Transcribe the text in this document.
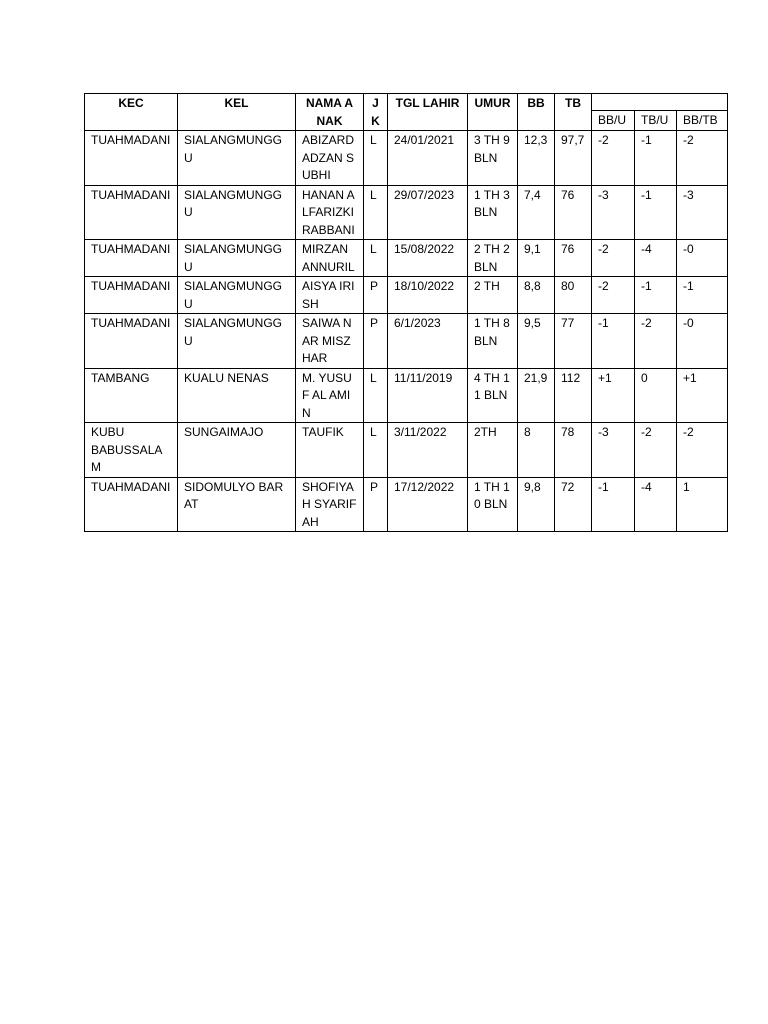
KEC	KEL	NAMA ANAK	JK	TGL LAHIR	UMUR	BB	TB			
								BB/U	TB/U	BB/TB
TUAHMADANI	SIALANGMUNGGU	ABIZARD ADZAN SUBHI	L	24/01/2021	3 TH 9 BLN	12,3	97,7	-2	-1	-2
TUAHMADANI	SIALANGMUNGGU	HANAN ALFARIZKI RABBANI	L	29/07/2023	1 TH 3 BLN	7,4	76	-3	-1	-3
TUAHMADANI	SIALANGMUNGGU	MIRZAN ANNURIL	L	15/08/2022	2 TH 2BLN	9,1	76	-2	-4	-0
TUAHMADANI	SIALANGMUNGGU	AISYA IRISH	P	18/10/2022	2 TH	8,8	80	-2	-1	-1
TUAHMADANI	SIALANGMUNGGU	SAIWA NAR MISZHAR	P	6/1/2023	1 TH 8 BLN	9,5	77	-1	-2	-0
TAMBANG	KUALU NENAS	M. YUSUF AL AMIN	L	11/11/2019	4 TH 11 BLN	21,9	112	+1	0	+1
KUBU BABUSSALAM	SUNGAIMAJO	TAUFIK	L	3/11/2022	2TH	8	78	-3	-2	-2
TUAHMADANI	SIDOMULYO BARAT	SHOFIYAH SYARIFAH	P	17/12/2022	1 TH 10 BLN	9,8	72	-1	-4	1
